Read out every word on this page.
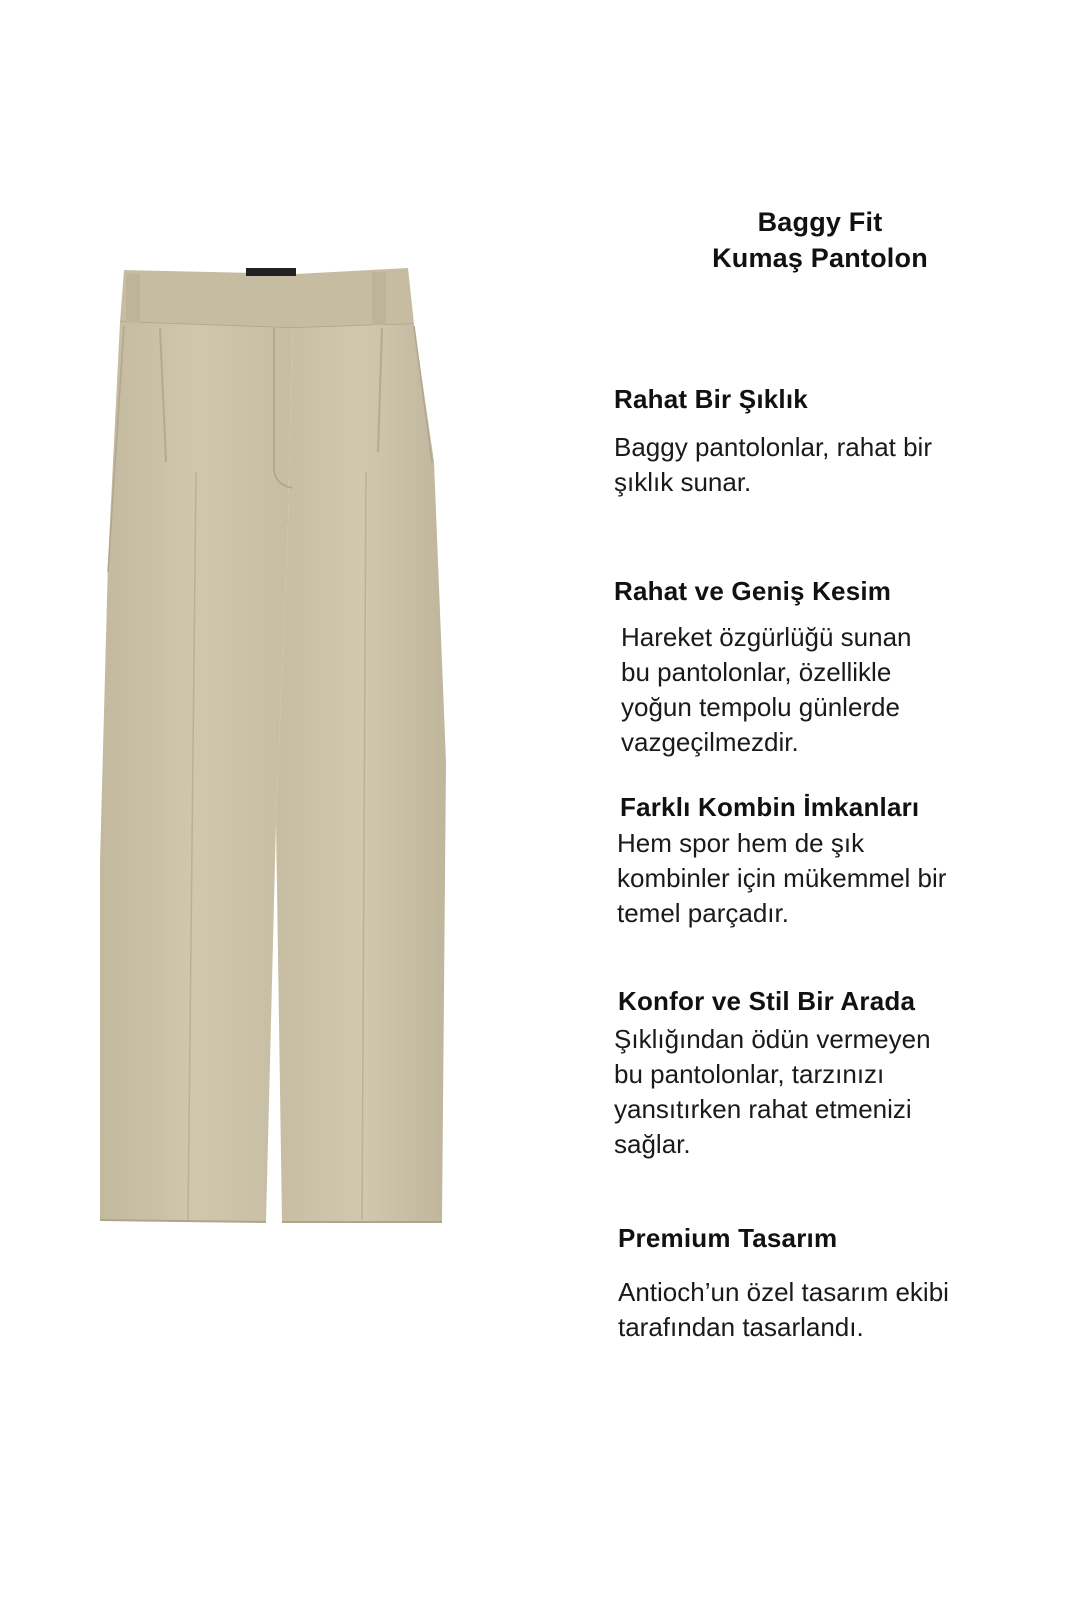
Baggy Fit
Kumaş Pantolon
Rahat Bir Şıklık

Baggy pantolonlar, rahat bir
şıklık sunar.

Rahat ve Geniş Kesim

Hareket özgürlüğü sunan
bu pantolonlar, özellikle
yoğun tempolu günlerde
vazgeçilmezdir.

Farklı Kombin İmkanları

Hem spor hem de şık
kombinler için mükemmel bir
temel parçadır.

Konfor ve Stil Bir Arada

Şıklığından ödün vermeyen
bu pantolonlar, tarzınızı
yansıtırken rahat etmenizi
sağlar.

Premium Tasarım

Antioch’un özel tasarım ekibi
tarafından tasarlandı.
